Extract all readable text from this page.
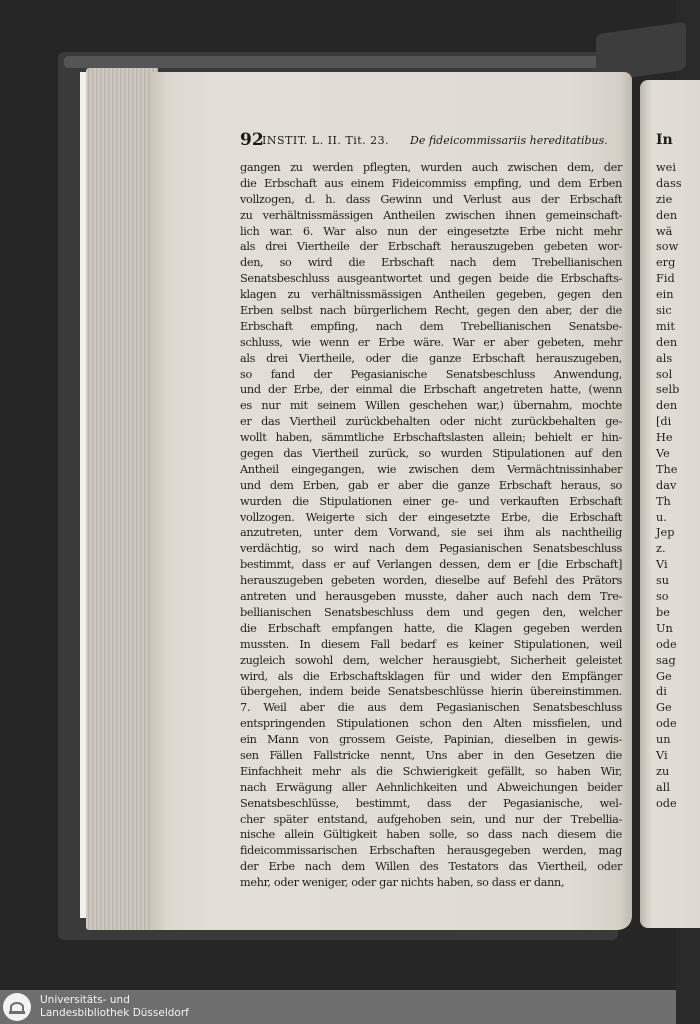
92
INSTIT. L. II. Tit. 23. De fideicommissariis hereditatibus.
gangen zu werden pflegten, wurden auch zwischen dem, der
die Erbschaft aus einem Fideicommiss empfing, und dem Erben
vollzogen, d. h. dass Gewinn und Verlust aus der Erbschaft
zu verhältnissmässigen Antheilen zwischen ihnen gemeinschaft-
lich war. 6. War also nun der eingesetzte Erbe nicht mehr
als drei Viertheile der Erbschaft herauszugeben gebeten wor-
den, so wird die Erbschaft nach dem Trebellianischen
Senatsbeschluss ausgeantwortet und gegen beide die Erbschafts-
klagen zu verhältnissmässigen Antheilen gegeben, gegen den
Erben selbst nach bürgerlichem Recht, gegen den aber, der die
Erbschaft empfing, nach dem Trebellianischen Senatsbe-
schluss, wie wenn er Erbe wäre. War er aber gebeten, mehr
als drei Viertheile, oder die ganze Erbschaft herauszugeben,
so fand der Pegasianische Senatsbeschluss Anwendung,
und der Erbe, der einmal die Erbschaft angetreten hatte, (wenn
es nur mit seinem Willen geschehen war,) übernahm, mochte
er das Viertheil zurückbehalten oder nicht zurückbehalten ge-
wollt haben, sämmtliche Erbschaftslasten allein; behielt er hin-
gegen das Viertheil zurück, so wurden Stipulationen auf den
Antheil eingegangen, wie zwischen dem Vermächtnissinhaber
und dem Erben, gab er aber die ganze Erbschaft heraus, so
wurden die Stipulationen einer ge- und verkauften Erbschaft
vollzogen. Weigerte sich der eingesetzte Erbe, die Erbschaft
anzutreten, unter dem Vorwand, sie sei ihm als nachtheilig
verdächtig, so wird nach dem Pegasianischen Senatsbeschluss
bestimmt, dass er auf Verlangen dessen, dem er [die Erbschaft]
herauszugeben gebeten worden, dieselbe auf Befehl des Prätors
antreten und herausgeben musste, daher auch nach dem Tre-
bellianischen Senatsbeschluss dem und gegen den, welcher
die Erbschaft empfangen hatte, die Klagen gegeben werden
mussten. In diesem Fall bedarf es keiner Stipulationen, weil
zugleich sowohl dem, welcher herausgiebt, Sicherheit geleistet
wird, als die Erbschaftsklagen für und wider den Empfänger
übergehen, indem beide Senatsbeschlüsse hierin übereinstimmen.
7. Weil aber die aus dem Pegasianischen Senatsbeschluss
entspringenden Stipulationen schon den Alten missfielen, und
ein Mann von grossem Geiste, Papinian, dieselben in gewis-
sen Fällen Fallstricke nennt, Uns aber in den Gesetzen die
Einfachheit mehr als die Schwierigkeit gefällt, so haben Wir,
nach Erwägung aller Aehnlichkeiten und Abweichungen beider
Senatsbeschlüsse, bestimmt, dass der Pegasianische, wel-
cher später entstand, aufgehoben sein, und nur der Trebellia-
nische allein Gültigkeit haben solle, so dass nach diesem die
fideicommissarischen Erbschaften herausgegeben werden, mag
der Erbe nach dem Willen des Testators das Viertheil, oder
mehr, oder weniger, oder gar nichts haben, so dass er dann,
In
wei
dass
zie
den
wä
sow
erg
Fid
ein
sic
mit
den
als
sol
selb
den
[di
He
Ve
The
dav
Th
u.
Jep
z.
Vi
su
so
be
Un
ode
sag
Ge
di
Ge
ode
un
Vi
zu
all
ode
Universitäts- und
Landesbibliothek Düsseldorf
